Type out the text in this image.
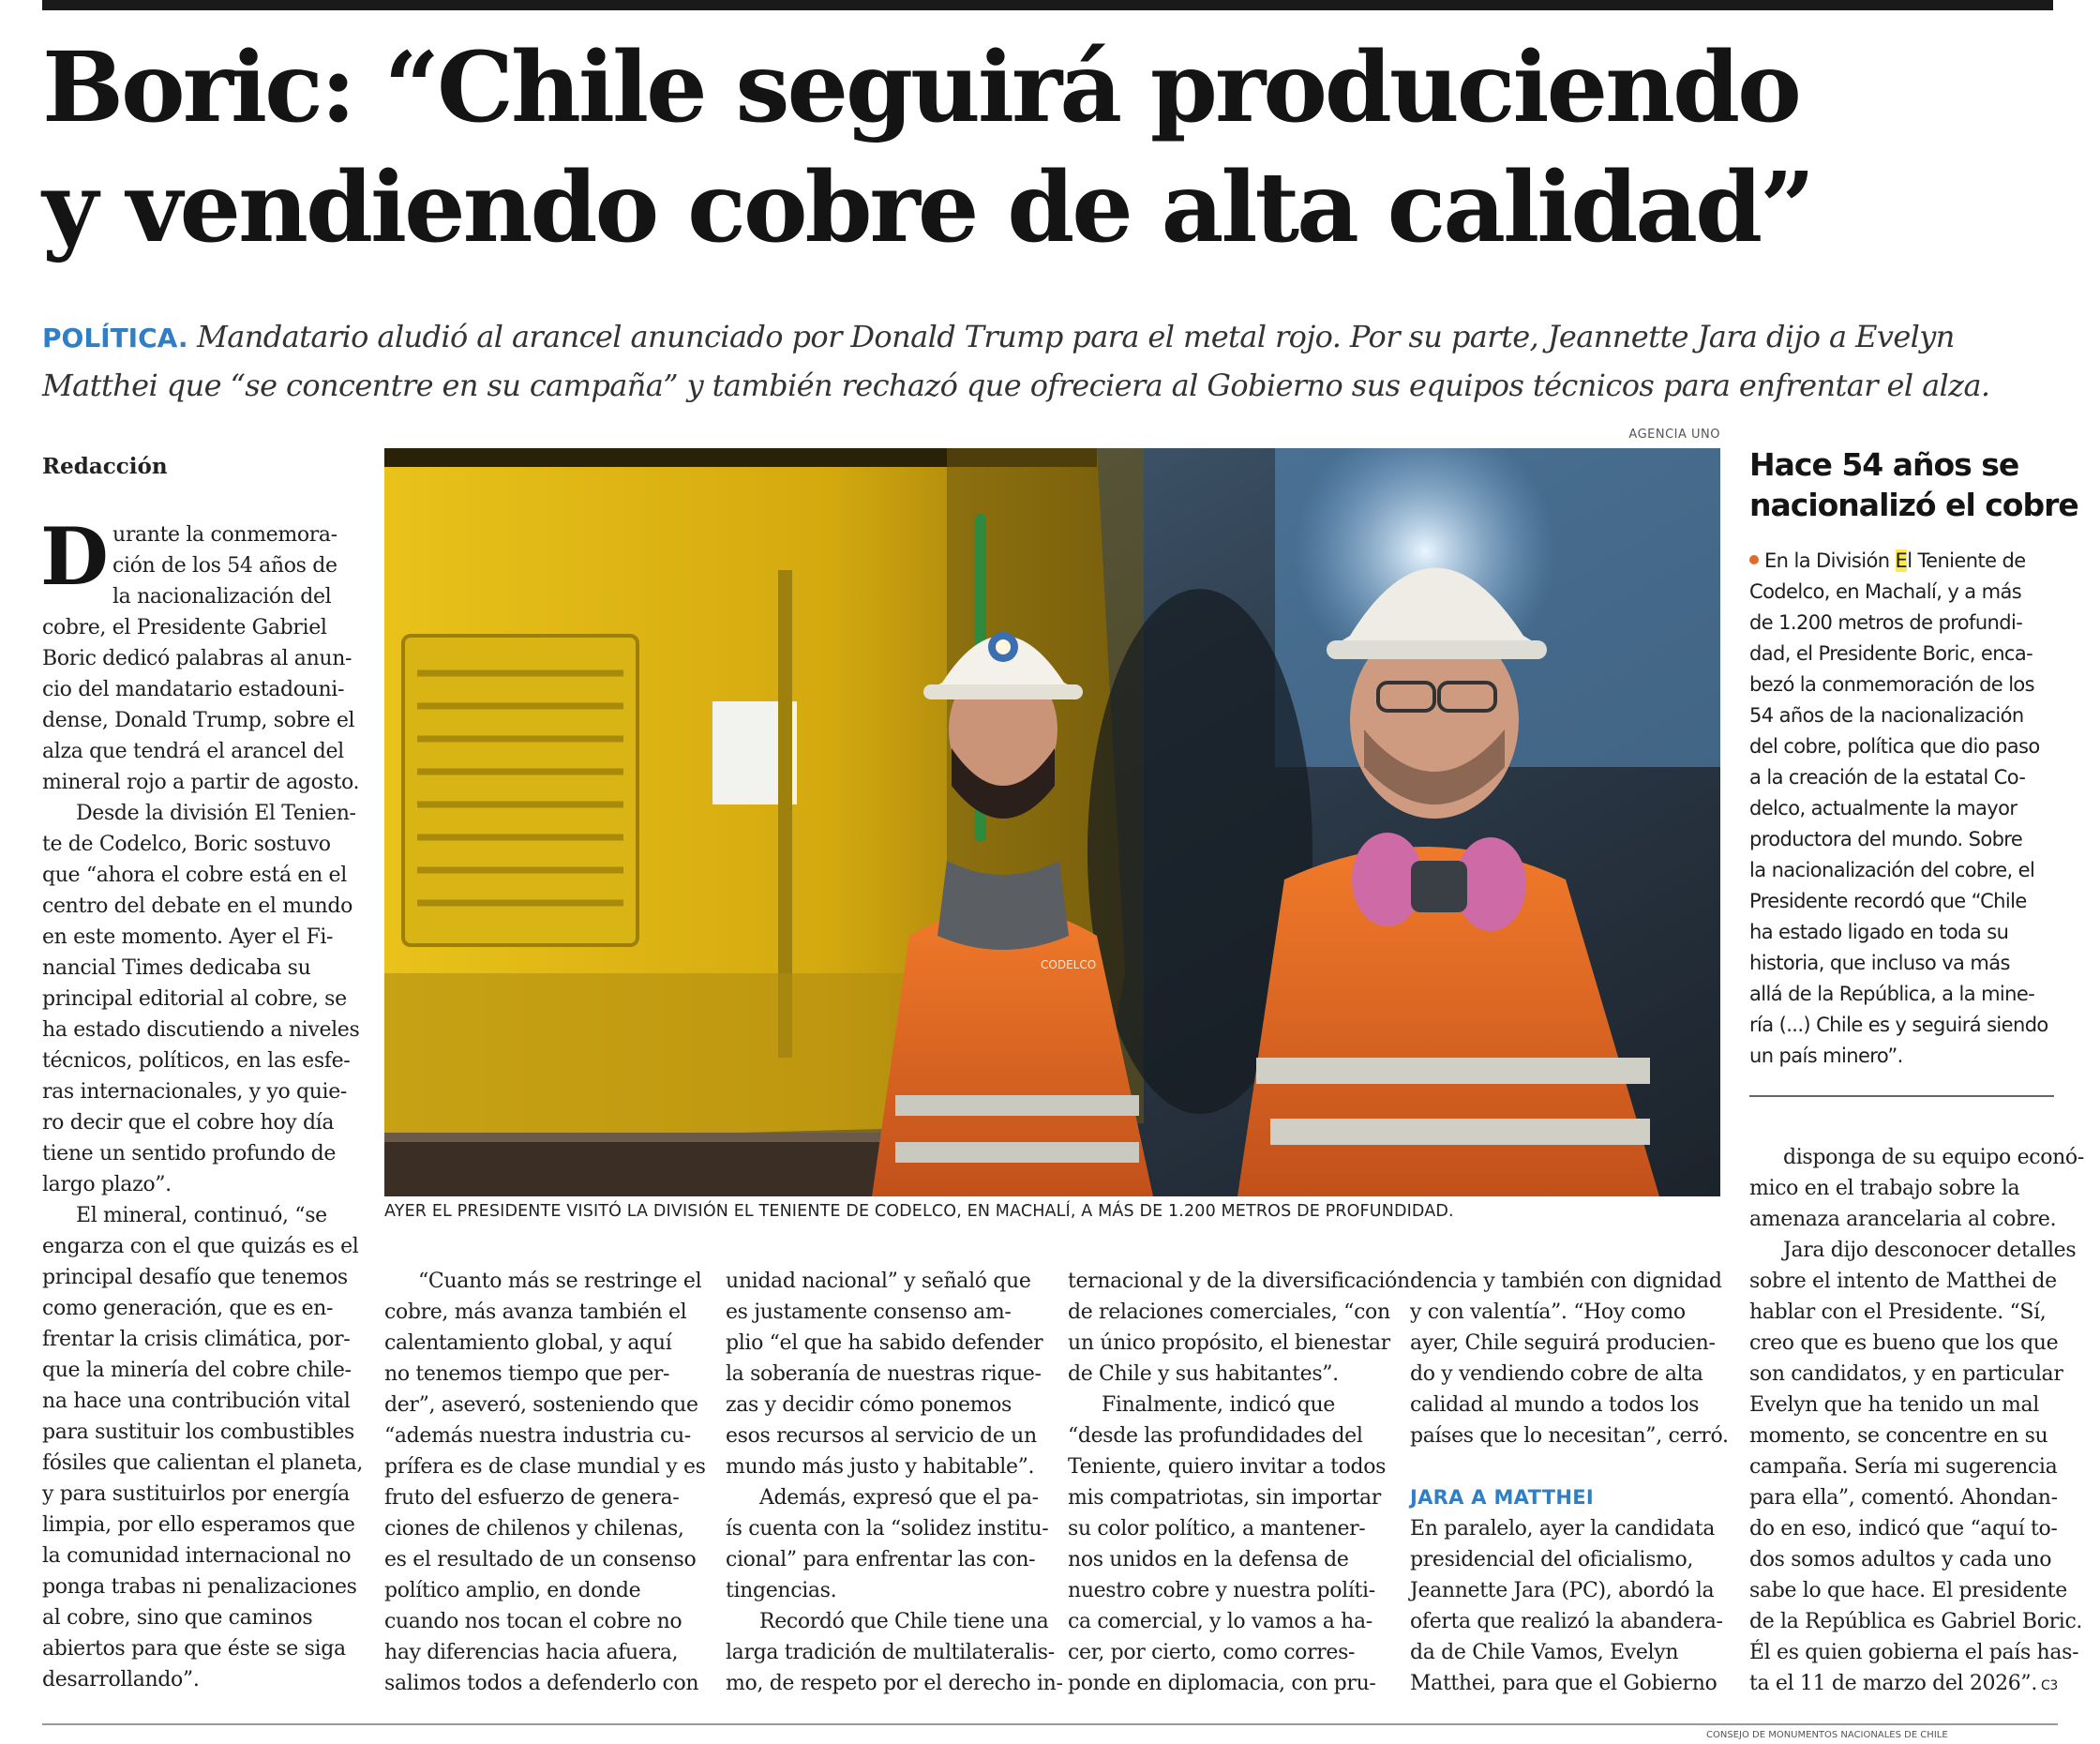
Boric: “Chile seguirá produciendo
y vendiendo cobre de alta calidad”
POLÍTICA. Mandatario aludió al arancel anunciado por Donald Trump para el metal rojo. Por su parte, Jeannette Jara dijo a Evelyn
Matthei que “se concentre en su campaña” y también rechazó que ofreciera al Gobierno sus equipos técnicos para enfrentar el alza.
Redacción
D urante la conmemora-
ción de los 54 años de
la nacionalización del
cobre, el Presidente Gabriel
Boric dedicó palabras al anun-
cio del mandatario estadouni-
dense, Donald Trump, sobre el
alza que tendrá el arancel del
mineral rojo a partir de agosto.
Desde la división El Tenien-
te de Codelco, Boric sostuvo
que “ahora el cobre está en el
centro del debate en el mundo
en este momento. Ayer el Fi-
nancial Times dedicaba su
principal editorial al cobre, se
ha estado discutiendo a niveles
técnicos, políticos, en las esfe-
ras internacionales, y yo quie-
ro decir que el cobre hoy día
tiene un sentido profundo de
largo plazo”.
El mineral, continuó, “se
engarza con el que quizás es el
principal desafío que tenemos
como generación, que es en-
frentar la crisis climática, por-
que la minería del cobre chile-
na hace una contribución vital
para sustituir los combustibles
fósiles que calientan el planeta,
y para sustituirlos por energía
limpia, por ello esperamos que
la comunidad internacional no
ponga trabas ni penalizaciones
al cobre, sino que caminos
abiertos para que éste se siga
desarrollando”.
AGENCIA UNO
CODELCO
AYER EL PRESIDENTE VISITÓ LA DIVISIÓN EL TENIENTE DE CODELCO, EN MACHALÍ, A MÁS DE 1.200 METROS DE PROFUNDIDAD.
“Cuanto más se restringe el
cobre, más avanza también el
calentamiento global, y aquí
no tenemos tiempo que per-
der”, aseveró, sosteniendo que
“además nuestra industria cu-
prífera es de clase mundial y es
fruto del esfuerzo de genera-
ciones de chilenos y chilenas,
es el resultado de un consenso
político amplio, en donde
cuando nos tocan el cobre no
hay diferencias hacia afuera,
salimos todos a defenderlo con
unidad nacional” y señaló que
es justamente consenso am-
plio “el que ha sabido defender
la soberanía de nuestras rique-
zas y decidir cómo ponemos
esos recursos al servicio de un
mundo más justo y habitable”.
Además, expresó que el pa-
ís cuenta con la “solidez institu-
cional” para enfrentar las con-
tingencias.
Recordó que Chile tiene una
larga tradición de multilateralis-
mo, de respeto por el derecho in-
ternacional y de la diversificación
de relaciones comerciales, “con
un único propósito, el bienestar
de Chile y sus habitantes”.
Finalmente, indicó que
“desde las profundidades del
Teniente, quiero invitar a todos
mis compatriotas, sin importar
su color político, a mantener-
nos unidos en la defensa de
nuestro cobre y nuestra políti-
ca comercial, y lo vamos a ha-
cer, por cierto, como corres-
ponde en diplomacia, con pru-
dencia y también con dignidad
y con valentía”. “Hoy como
ayer, Chile seguirá producien-
do y vendiendo cobre de alta
calidad al mundo a todos los
países que lo necesitan”, cerró.
JARA A MATTHEI
En paralelo, ayer la candidata
presidencial del oficialismo,
Jeannette Jara (PC), abordó la
oferta que realizó la abandera-
da de Chile Vamos, Evelyn
Matthei, para que el Gobierno
Hace 54 años se
nacionalizó el cobre
En la División El Teniente de
Codelco, en Machalí, y a más
de 1.200 metros de profundi-
dad, el Presidente Boric, enca-
bezó la conmemoración de los
54 años de la nacionalización
del cobre, política que dio paso
a la creación de la estatal Co-
delco, actualmente la mayor
productora del mundo. Sobre
la nacionalización del cobre, el
Presidente recordó que “Chile
ha estado ligado en toda su
historia, que incluso va más
allá de la República, a la mine-
ría (...) Chile es y seguirá siendo
un país minero”.
disponga de su equipo econó-
mico en el trabajo sobre la
amenaza arancelaria al cobre.
Jara dijo desconocer detalles
sobre el intento de Matthei de
hablar con el Presidente. “Sí,
creo que es bueno que los que
son candidatos, y en particular
Evelyn que ha tenido un mal
momento, se concentre en su
campaña. Sería mi sugerencia
para ella”, comentó. Ahondan-
do en eso, indicó que “aquí to-
dos somos adultos y cada uno
sabe lo que hace. El presidente
de la República es Gabriel Boric.
Él es quien gobierna el país has-
ta el 11 de marzo del 2026”. C3
CONSEJO DE MONUMENTOS NACIONALES DE CHILE
